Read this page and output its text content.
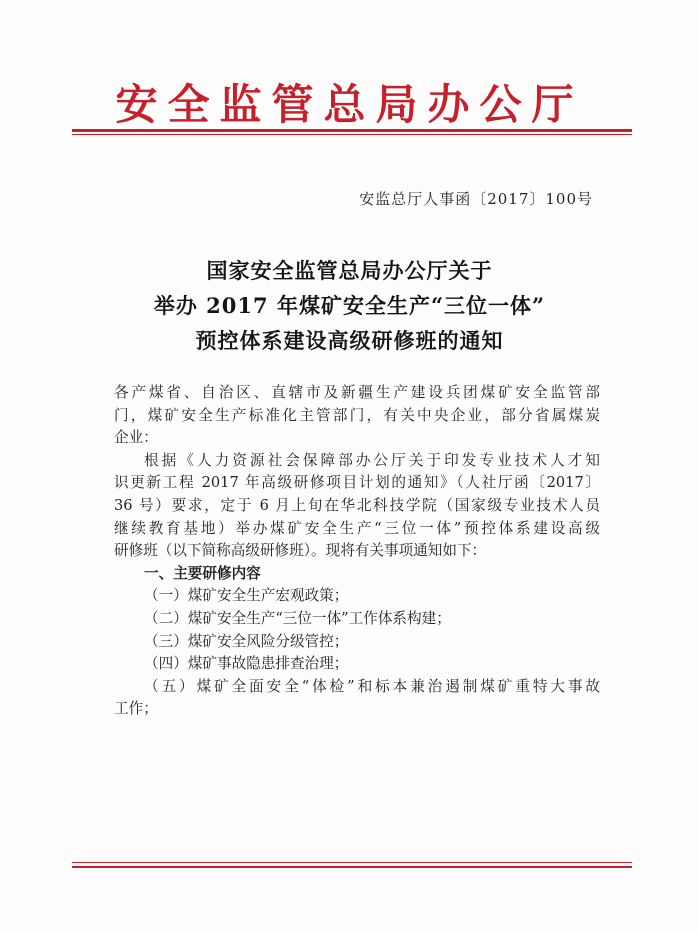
安全监管总局办公厅
安监总厅人事函〔2017〕100号
国家安全监管总局办公厅关于
举办 2017 年煤矿安全生产“三位一体”
预控体系建设高级研修班的通知
各产煤省、自治区、直辖市及新疆生产建设兵团煤矿安全监管部
门，煤矿安全生产标准化主管部门，有关中央企业，部分省属煤炭
企业：
根据《人力资源社会保障部办公厅关于印发专业技术人才知
识更新工程 2017 年高级研修项目计划的通知》（人社厅函〔2017〕
36 号）要求，定于 6 月上旬在华北科技学院（国家级专业技术人员
继续教育基地）举办煤矿安全生产“三位一体”预控体系建设高级
研修班（以下简称高级研修班）。现将有关事项通知如下：
一、主要研修内容
（一）煤矿安全生产宏观政策；
（二）煤矿安全生产“三位一体”工作体系构建；
（三）煤矿安全风险分级管控；
（四）煤矿事故隐患排查治理；
（五）煤矿全面安全“体检”和标本兼治遏制煤矿重特大事故
工作；
